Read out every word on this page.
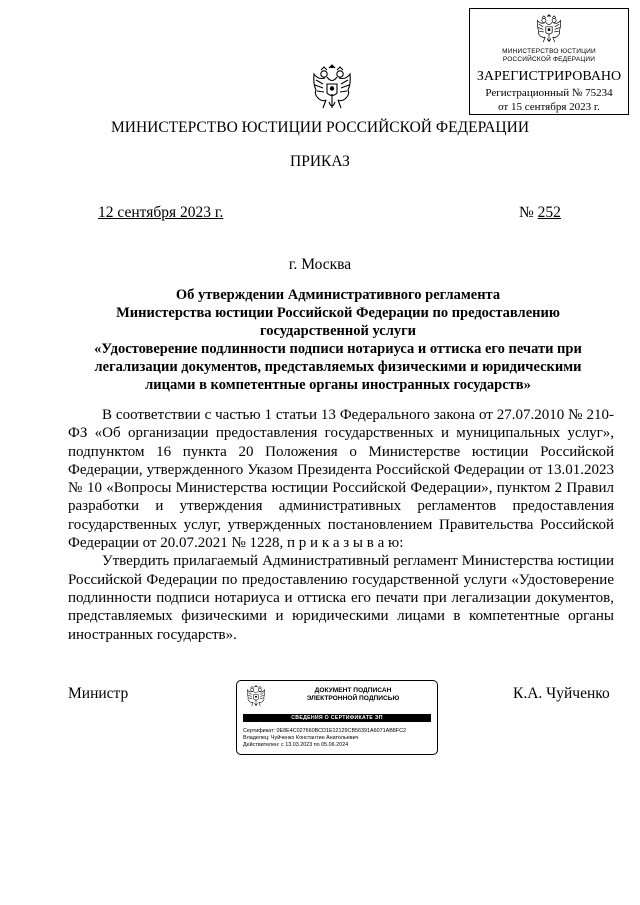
МИНИСТЕРСТВО ЮСТИЦИИ
РОССИЙСКОЙ ФЕДЕРАЦИИ
ЗАРЕГИСТРИРОВАНО
Регистрационный № 75234
от 15 сентября 2023 г.
МИНИСТЕРСТВО ЮСТИЦИИ РОССИЙСКОЙ ФЕДЕРАЦИИ
ПРИКАЗ
12 сентября 2023 г.	№ 252
г. Москва
Об утверждении Административного регламента
Министерства юстиции Российской Федерации по предоставлению
государственной услуги
«Удостоверение подлинности подписи нотариуса и оттиска его печати при
легализации документов, представляемых физическими и юридическими
лицами в компетентные органы иностранных государств»

В соответствии с частью 1 статьи 13 Федерального закона от 27.07.2010 № 210-ФЗ «Об организации предоставления государственных и муниципальных услуг», подпунктом 16 пункта 20 Положения о Министерстве юстиции Российской Федерации, утвержденного Указом Президента Российской Федерации от 13.01.2023 № 10 «Вопросы Министерства юстиции Российской Федерации», пунктом 2 Правил разработки и утверждения административных регламентов предоставления государственных услуг, утвержденных постановлением Правительства Российской Федерации от 20.07.2021 № 1228, п р и к а з ы в а ю:

Утвердить прилагаемый Административный регламент Министерства юстиции Российской Федерации по предоставлению государственной услуги «Удостоверение подлинности подписи нотариуса и оттиска его печати при легализации документов, представляемых физическими и юридическими лицами в компетентные органы иностранных государств».

Министр	К.А. Чуйченко
ДОКУМЕНТ ПОДПИСАН
ЭЛЕКТРОННОЙ ПОДПИСЬЮ
СВЕДЕНИЯ О СЕРТИФИКАТЕ ЭП
Сертификат: 0E8E4C027660BCD1E12129CB56391A6071AB8FC2
Владелец: Чуйченко Константин Анатольевич
Действителен: с 13.03.2023 по 05.06.2024
